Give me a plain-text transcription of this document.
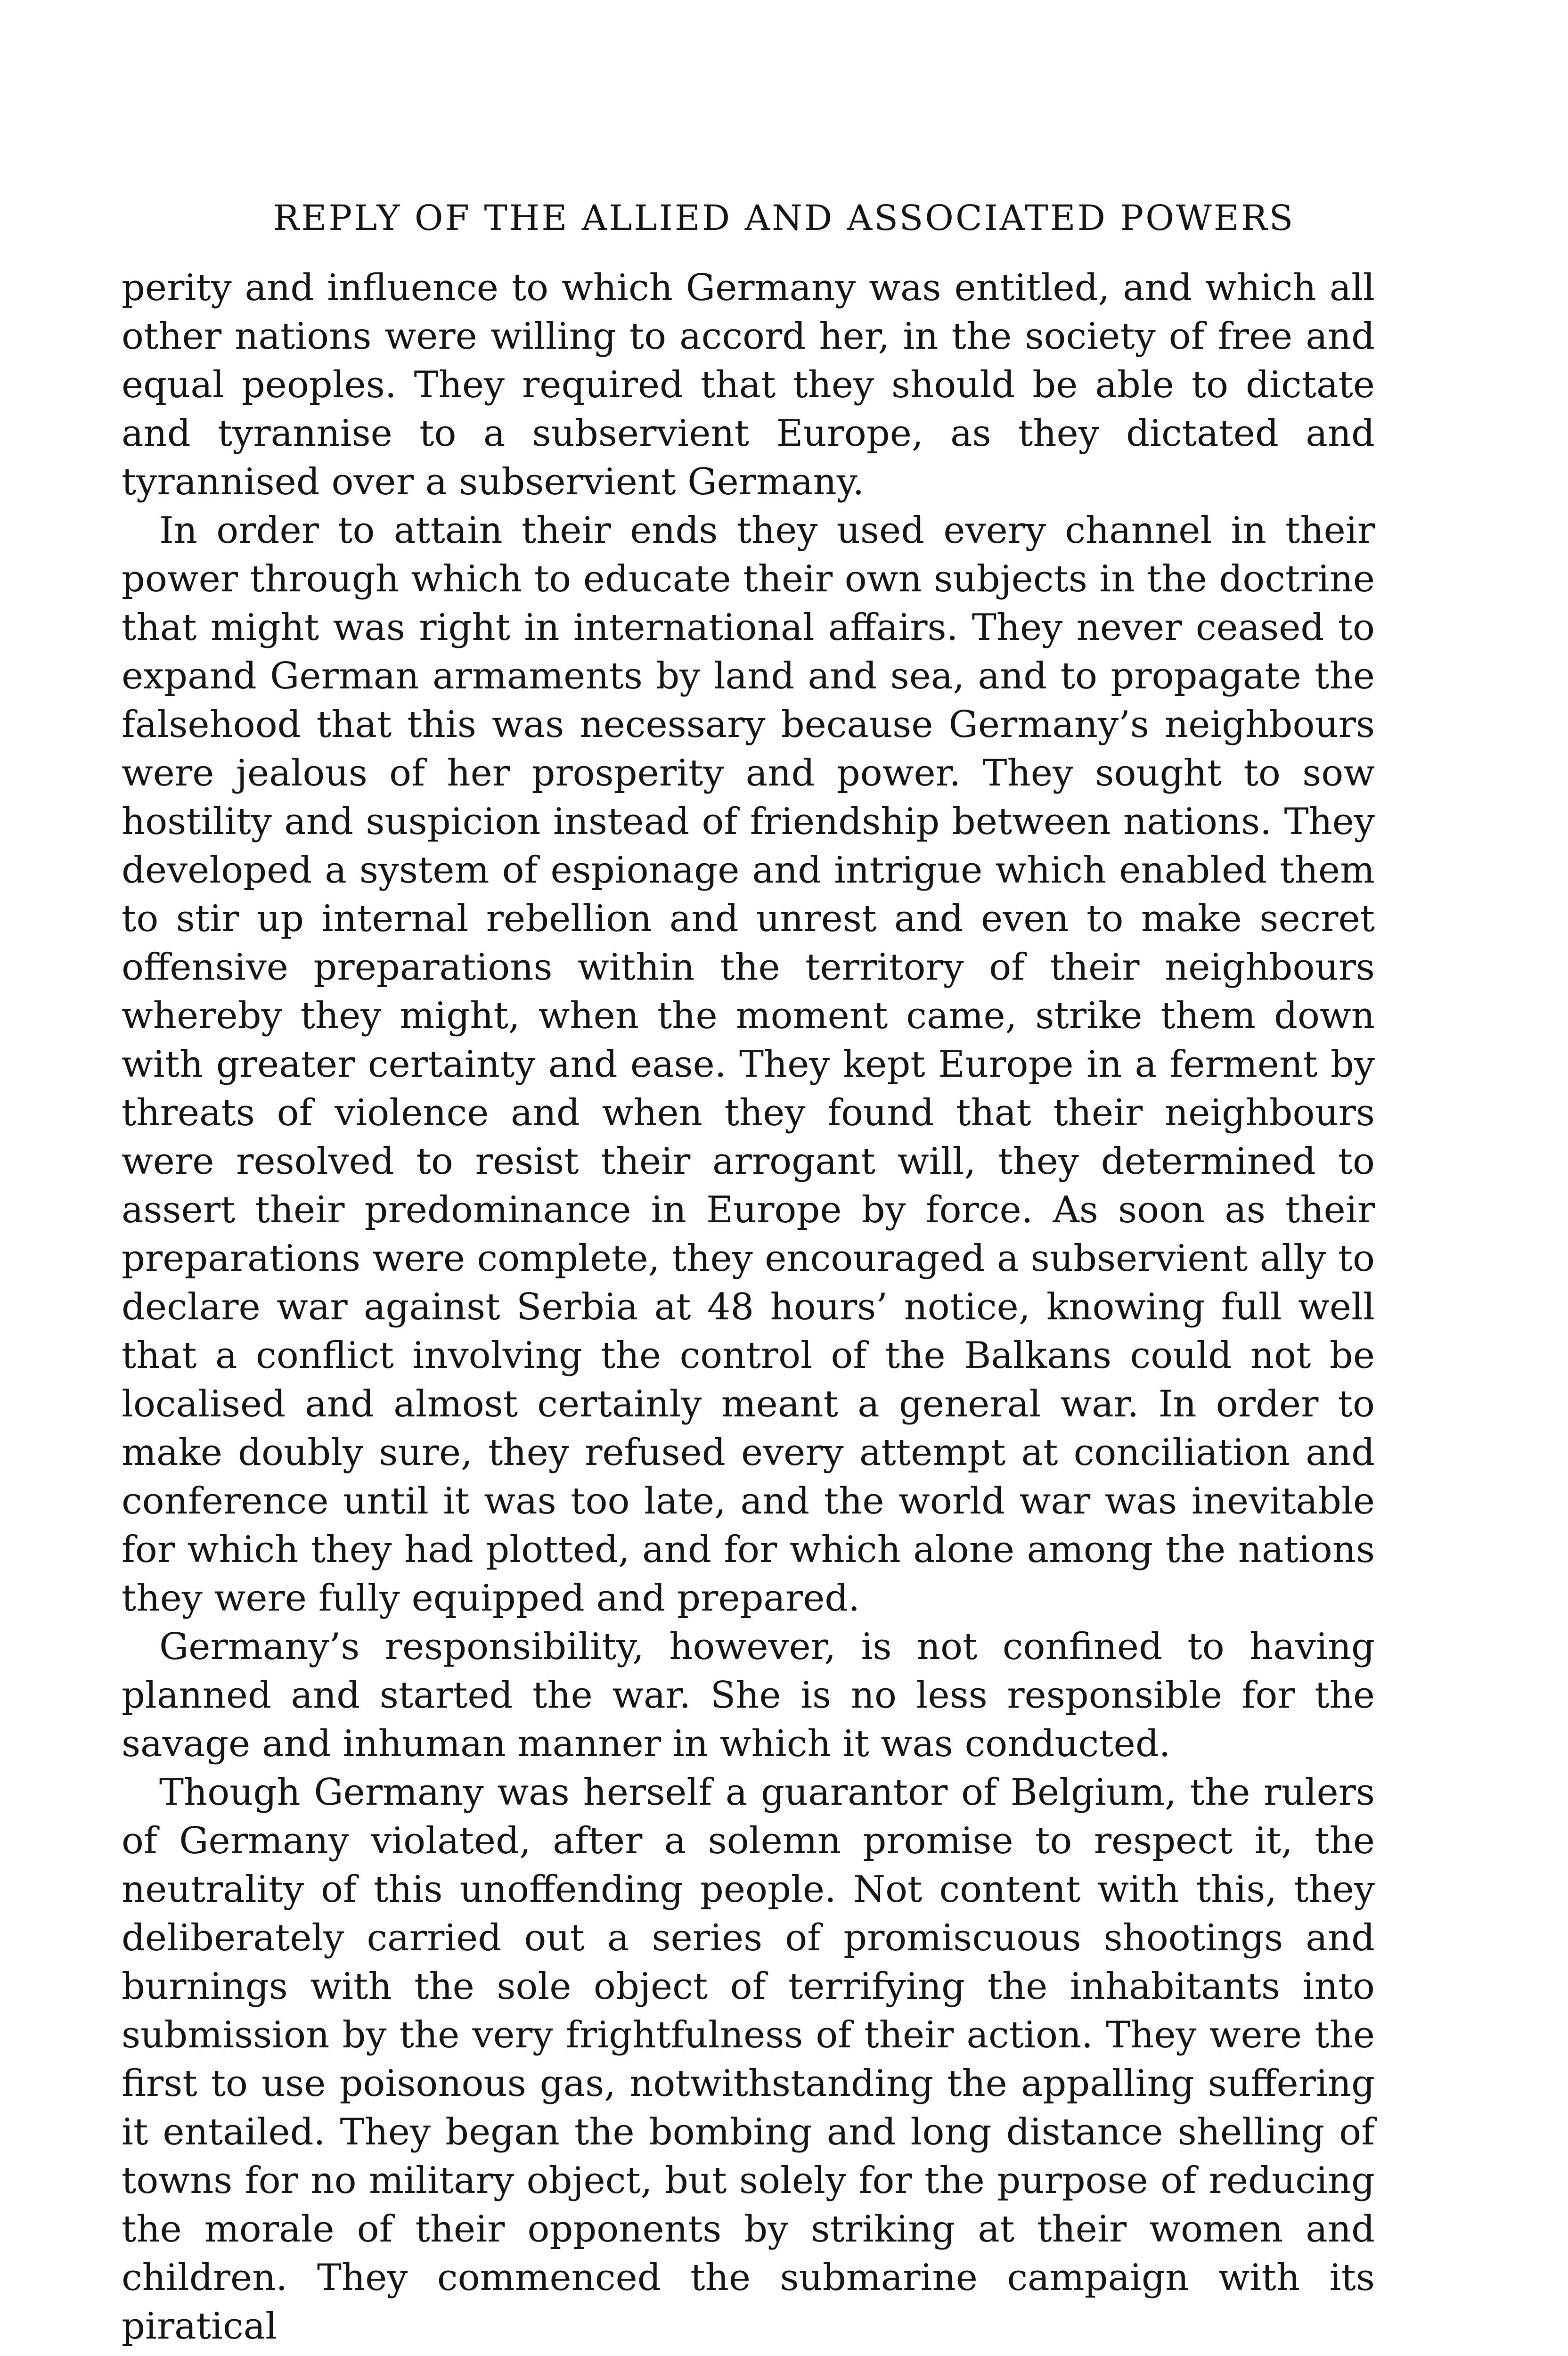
REPLY OF THE ALLIED AND ASSOCIATED POWERS

perity and influence to which Germany was entitled, and which all other nations were willing to accord her, in the society of free and equal peoples. They required that they should be able to dictate and tyrannise to a subservient Europe, as they dictated and tyrannised over a subservient Germany.

In order to attain their ends they used every channel in their power through which to educate their own subjects in the doctrine that might was right in international affairs. They never ceased to expand German armaments by land and sea, and to propagate the falsehood that this was necessary because Germany’s neighbours were jealous of her prosperity and power. They sought to sow hostility and suspicion instead of friendship between nations. They developed a system of espionage and intrigue which enabled them to stir up internal rebellion and unrest and even to make secret offensive preparations within the territory of their neighbours whereby they might, when the moment came, strike them down with greater certainty and ease. They kept Europe in a ferment by threats of violence and when they found that their neighbours were resolved to resist their arrogant will, they determined to assert their predominance in Europe by force. As soon as their preparations were complete, they encouraged a subservient ally to declare war against Serbia at 48 hours’ notice, knowing full well that a conflict involving the control of the Balkans could not be localised and almost certainly meant a general war. In order to make doubly sure, they refused every attempt at conciliation and conference until it was too late, and the world war was inevitable for which they had plotted, and for which alone among the nations they were fully equipped and prepared.

Germany’s responsibility, however, is not confined to having planned and started the war. She is no less responsible for the savage and inhuman manner in which it was conducted.

Though Germany was herself a guarantor of Belgium, the rulers of Germany violated, after a solemn promise to respect it, the neutrality of this unoffending people. Not content with this, they deliberately carried out a series of promiscuous shootings and burnings with the sole object of terrifying the inhabitants into submission by the very frightfulness of their action. They were the first to use poisonous gas, notwithstanding the appalling suffering it entailed. They began the bombing and long distance shelling of towns for no military object, but solely for the purpose of reducing the morale of their opponents by striking at their women and children. They commenced the submarine campaign with its piratical
